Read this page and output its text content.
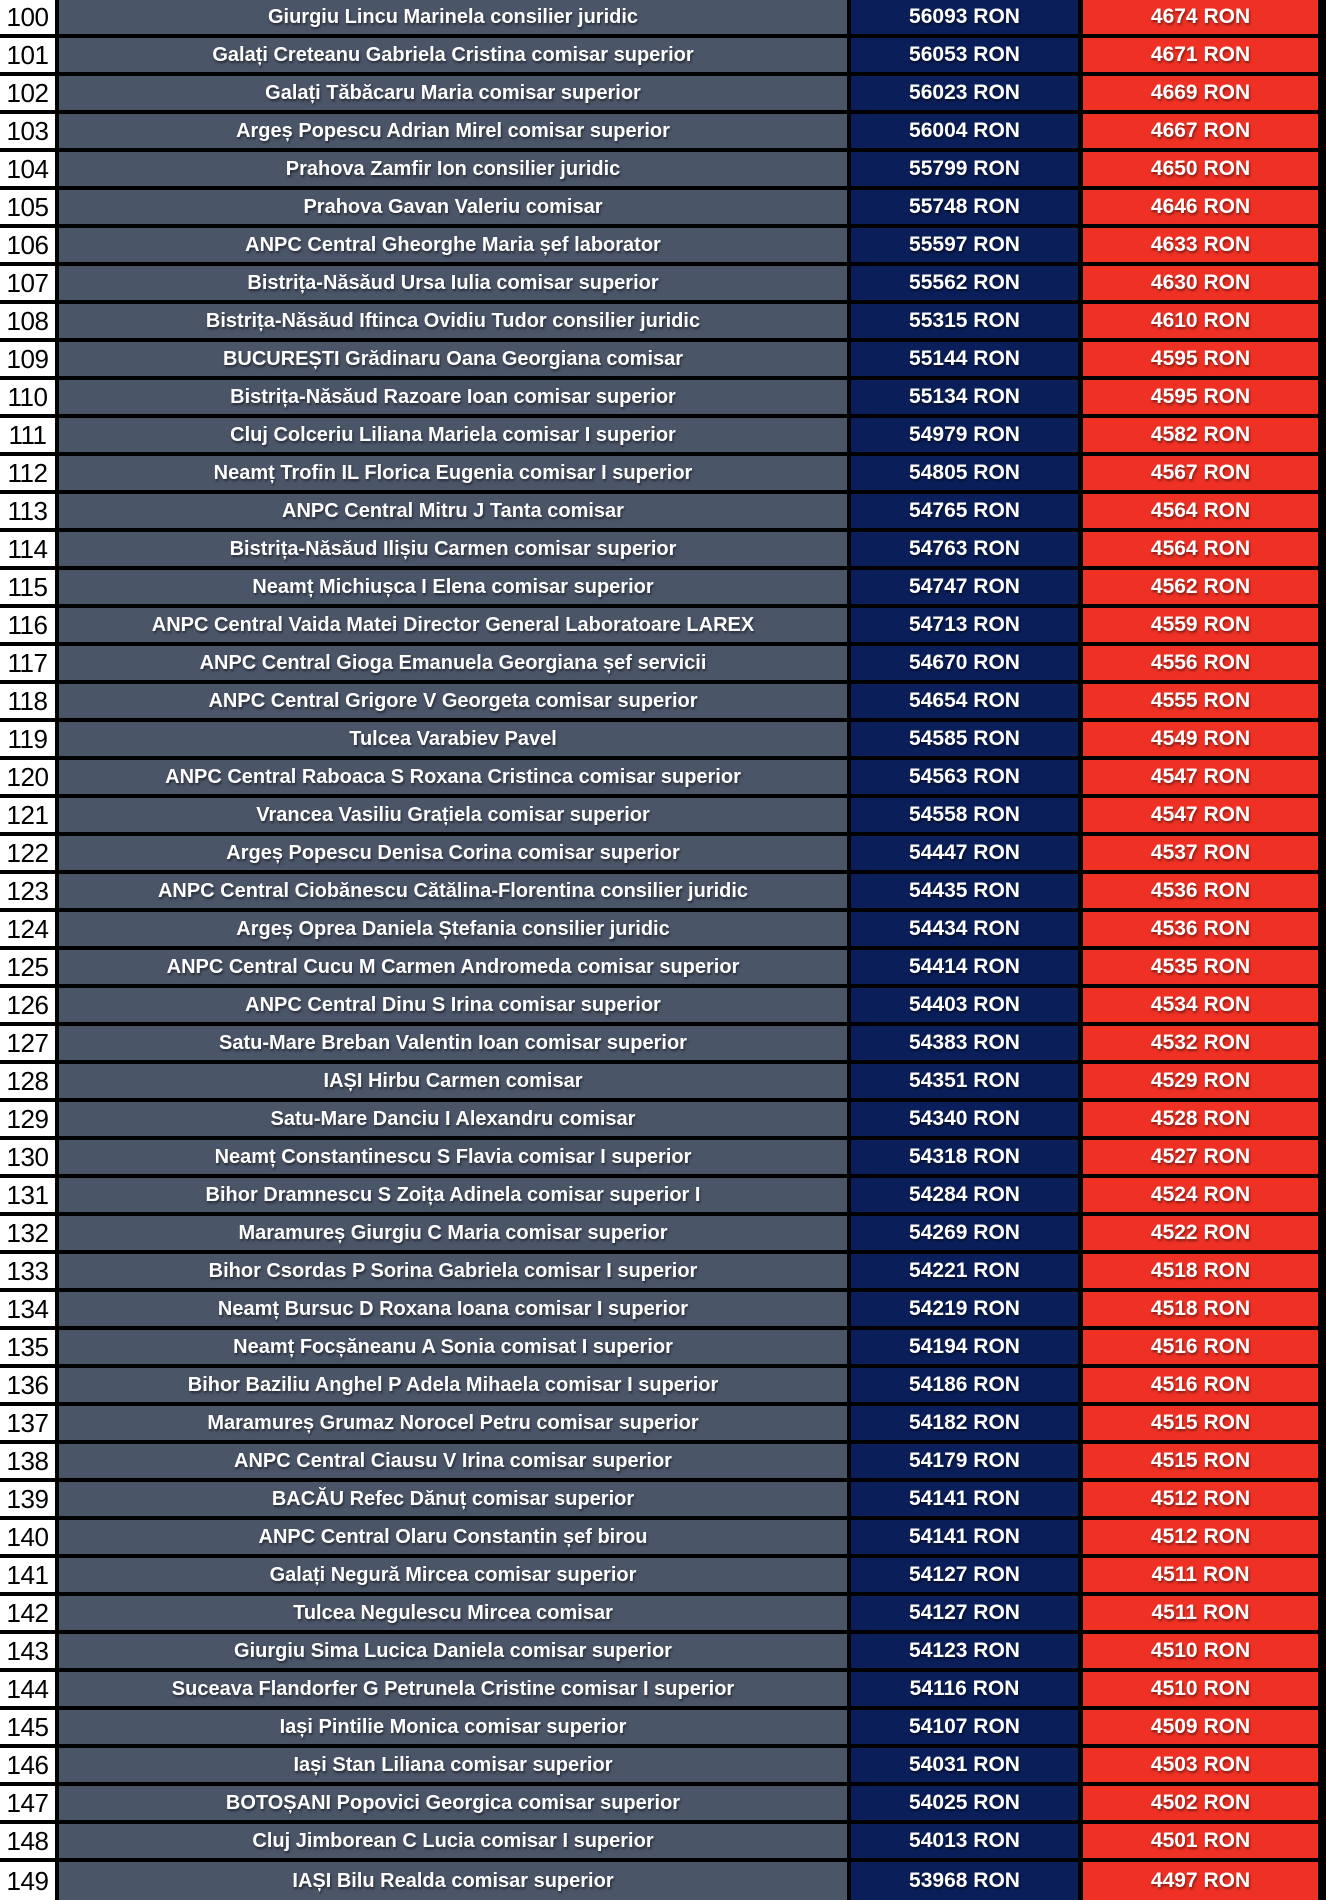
100	Giurgiu Lincu Marinela consilier juridic	56093 RON	4674 RON
101	Galați Creteanu Gabriela Cristina comisar superior	56053 RON	4671 RON
102	Galați Tăbăcaru Maria comisar superior	56023 RON	4669 RON
103	Argeș Popescu Adrian Mirel comisar superior	56004 RON	4667 RON
104	Prahova Zamfir Ion consilier juridic	55799 RON	4650 RON
105	Prahova Gavan Valeriu comisar	55748 RON	4646 RON
106	ANPC Central Gheorghe Maria șef laborator	55597 RON	4633 RON
107	Bistrița-Năsăud Ursa Iulia comisar superior	55562 RON	4630 RON
108	Bistrița-Năsăud Iftinca Ovidiu Tudor consilier juridic	55315 RON	4610 RON
109	BUCUREȘTI Grădinaru Oana Georgiana comisar	55144 RON	4595 RON
110	Bistrița-Năsăud Razoare Ioan comisar superior	55134 RON	4595 RON
111	Cluj Colceriu Liliana Mariela comisar I superior	54979 RON	4582 RON
112	Neamț Trofin IL Florica Eugenia comisar I superior	54805 RON	4567 RON
113	ANPC Central Mitru J Tanta comisar	54765 RON	4564 RON
114	Bistrița-Năsăud Ilișiu Carmen comisar superior	54763 RON	4564 RON
115	Neamț Michiușca I Elena comisar superior	54747 RON	4562 RON
116	ANPC Central Vaida Matei Director General Laboratoare LAREX	54713 RON	4559 RON
117	ANPC Central Gioga Emanuela Georgiana șef servicii	54670 RON	4556 RON
118	ANPC Central Grigore V Georgeta comisar superior	54654 RON	4555 RON
119	Tulcea Varabiev Pavel	54585 RON	4549 RON
120	ANPC Central Raboaca S Roxana Cristinca comisar superior	54563 RON	4547 RON
121	Vrancea Vasiliu Grațiela comisar superior	54558 RON	4547 RON
122	Argeș Popescu Denisa Corina comisar superior	54447 RON	4537 RON
123	ANPC Central Ciobănescu Cătălina-Florentina consilier juridic	54435 RON	4536 RON
124	Argeș Oprea Daniela Ștefania consilier juridic	54434 RON	4536 RON
125	ANPC Central Cucu M Carmen Andromeda comisar superior	54414 RON	4535 RON
126	ANPC Central Dinu S Irina comisar superior	54403 RON	4534 RON
127	Satu-Mare Breban Valentin Ioan comisar superior	54383 RON	4532 RON
128	IAȘI Hirbu Carmen comisar	54351 RON	4529 RON
129	Satu-Mare Danciu I Alexandru comisar	54340 RON	4528 RON
130	Neamț Constantinescu S Flavia comisar I superior	54318 RON	4527 RON
131	Bihor Dramnescu S Zoița Adinela comisar superior I	54284 RON	4524 RON
132	Maramureș Giurgiu C Maria comisar superior	54269 RON	4522 RON
133	Bihor Csordas P Sorina Gabriela comisar I superior	54221 RON	4518 RON
134	Neamț Bursuc D Roxana Ioana comisar I superior	54219 RON	4518 RON
135	Neamț Focșăneanu A Sonia comisat I superior	54194 RON	4516 RON
136	Bihor Baziliu Anghel P Adela Mihaela comisar I superior	54186 RON	4516 RON
137	Maramureș Grumaz Norocel Petru comisar superior	54182 RON	4515 RON
138	ANPC Central Ciausu V Irina comisar superior	54179 RON	4515 RON
139	BACĂU Refec Dănuț comisar superior	54141 RON	4512 RON
140	ANPC Central Olaru Constantin șef birou	54141 RON	4512 RON
141	Galați Negură Mircea comisar superior	54127 RON	4511 RON
142	Tulcea Negulescu Mircea comisar	54127 RON	4511 RON
143	Giurgiu Sima Lucica Daniela comisar superior	54123 RON	4510 RON
144	Suceava Flandorfer G Petrunela Cristine comisar I superior	54116 RON	4510 RON
145	Iași Pintilie Monica comisar superior	54107 RON	4509 RON
146	Iași Stan Liliana comisar superior	54031 RON	4503 RON
147	BOTOȘANI Popovici Georgica comisar superior	54025 RON	4502 RON
148	Cluj Jimborean C Lucia comisar I superior	54013 RON	4501 RON
149	IAȘI Bilu Realda comisar superior	53968 RON	4497 RON
